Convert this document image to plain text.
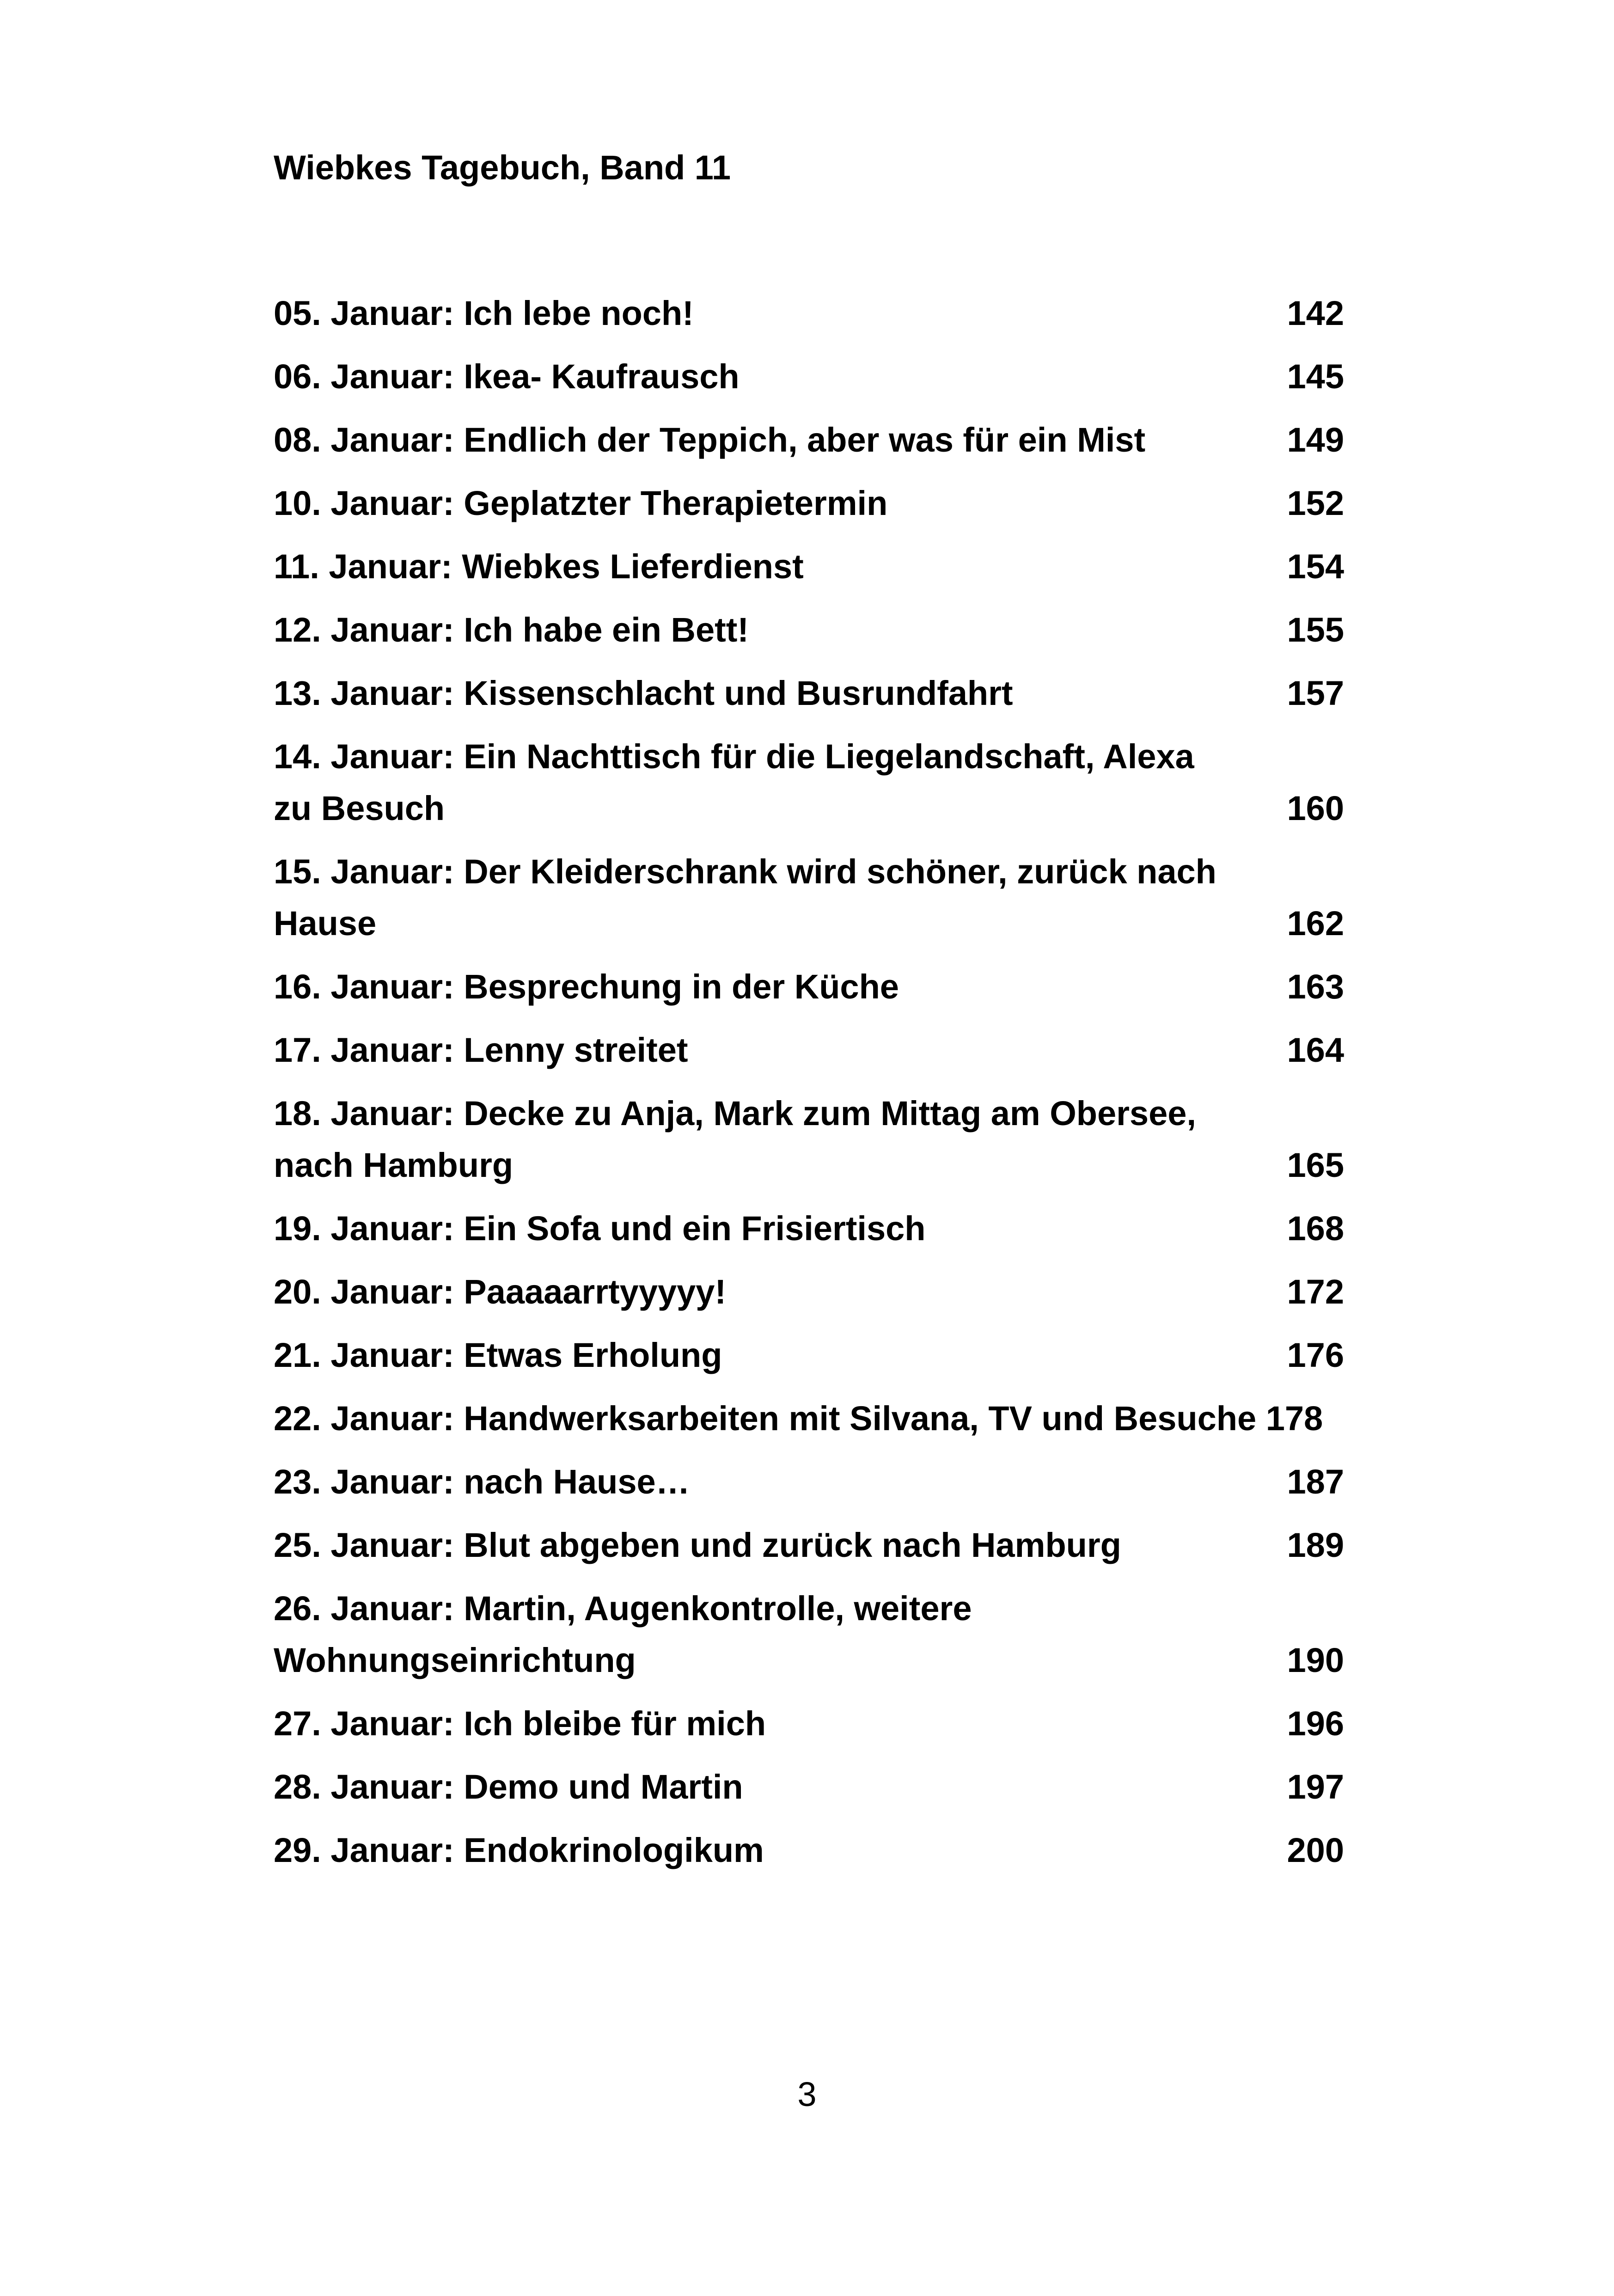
Wiebkes Tagebuch, Band 11
05. Januar: Ich lebe noch!	142
06. Januar: Ikea- Kaufrausch	145
08. Januar: Endlich der Teppich, aber was für ein Mist	149
10. Januar: Geplatzter Therapietermin	152
11. Januar: Wiebkes Lieferdienst	154
12. Januar: Ich habe ein Bett!	155
13. Januar: Kissenschlacht und Busrundfahrt	157
14. Januar: Ein Nachttisch für die Liegelandschaft, Alexa zu Besuch	160
15. Januar: Der Kleiderschrank wird schöner, zurück nach Hause	162
16. Januar: Besprechung in der Küche	163
17. Januar: Lenny streitet	164
18. Januar: Decke zu Anja, Mark zum Mittag am Obersee, nach Hamburg	165
19. Januar: Ein Sofa und ein Frisiertisch	168
20. Januar: Paaaaarrtyyyyy!	172
21. Januar: Etwas Erholung	176
22. Januar: Handwerksarbeiten mit Silvana, TV und Besuche 178
23. Januar: nach Hause…	187
25. Januar: Blut abgeben und zurück nach Hamburg	189
26. Januar: Martin, Augenkontrolle, weitere Wohnungseinrichtung	190
27. Januar: Ich bleibe für mich	196
28. Januar: Demo und Martin	197
29. Januar: Endokrinologikum	200
3
